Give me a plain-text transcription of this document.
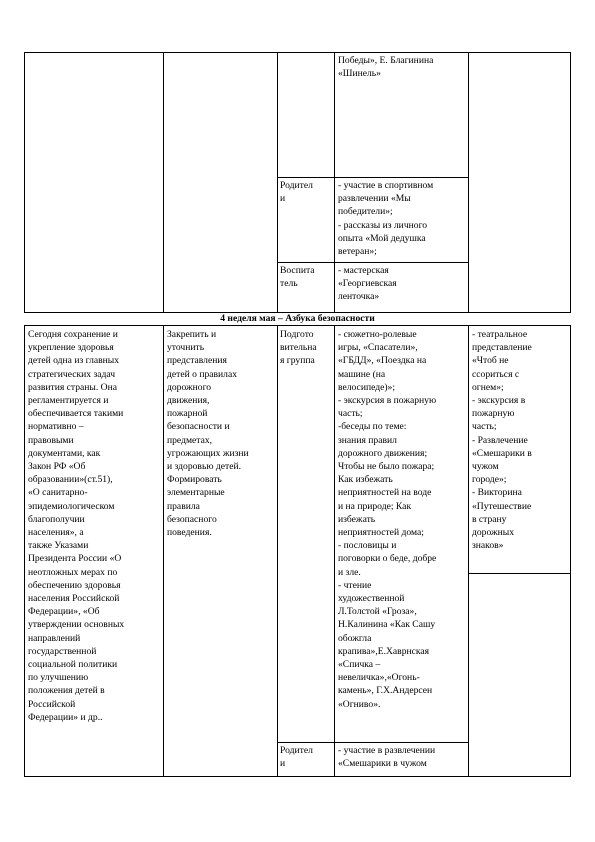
Победы», Е. Благинина
«Шинель»
Родител
и
- участие в спортивном
развлечении «Мы
победители»;
- рассказы из личного
опыта «Мой дедушка
ветеран»;
Воспита
тель
- мастерская
«Георгиевская
ленточка»
4 неделя мая – Азбука безопасности
Сегодня сохранение и
укрепление здоровья
детей одна из главных
стратегических задач
развития страны. Она
регламентируется и
обеспечивается такими
нормативно –
правовыми
документами, как
Закон РФ «Об
образовании»(ст.51),
«О санитарно-
эпидемиологическом
благополучии
населения», а
также Указами
Президента России «О
неотложных мерах по
обеспечению здоровья
населения Российской
Федерации», «Об
утверждении основных
направлений
государственной
социальной политики
по улучшению
положения детей в
Российской
Федерации» и др..
Закрепить и
уточнить
представления
детей о правилах
дорожного
движения,
пожарной
безопасности и
предметах,
угрожающих жизни
и здоровью детей.
Формировать
элементарные
правила
безопасного
поведения.
Подгото
вительна
я группа
- сюжетно-ролевые
игры, «Спасатели»,
«ГБДД», «Поездка на
машине (на
велосипеде)»;
- экскурсия в пожарную
часть;
-беседы по теме:
знания правил
дорожного движения;
Чтобы не было пожара;
Как избежать
неприятностей на воде
и на природе; Как
избежать
неприятностей дома;
- пословицы и
поговорки о беде, добре
и зле.
- чтение
художественной
Л.Толстой «Гроза»,
Н.Калинина «Как Сашу
обожгла
крапива»,Е.Хаврнская
«Спичка –
невеличка»,«Огонь-
камень», Г.Х.Андерсен
«Огниво».
- театральное
представление
«Чтоб не
ссориться с
огнем»;
- экскурсия в
пожарную
часть;
- Развлечение
«Смешарики в
чужом
городе»;
- Викторина
«Путешествие
в страну
дорожных
знаков»
Родител
и
- участие в развлечении
«Смешарики в чужом
